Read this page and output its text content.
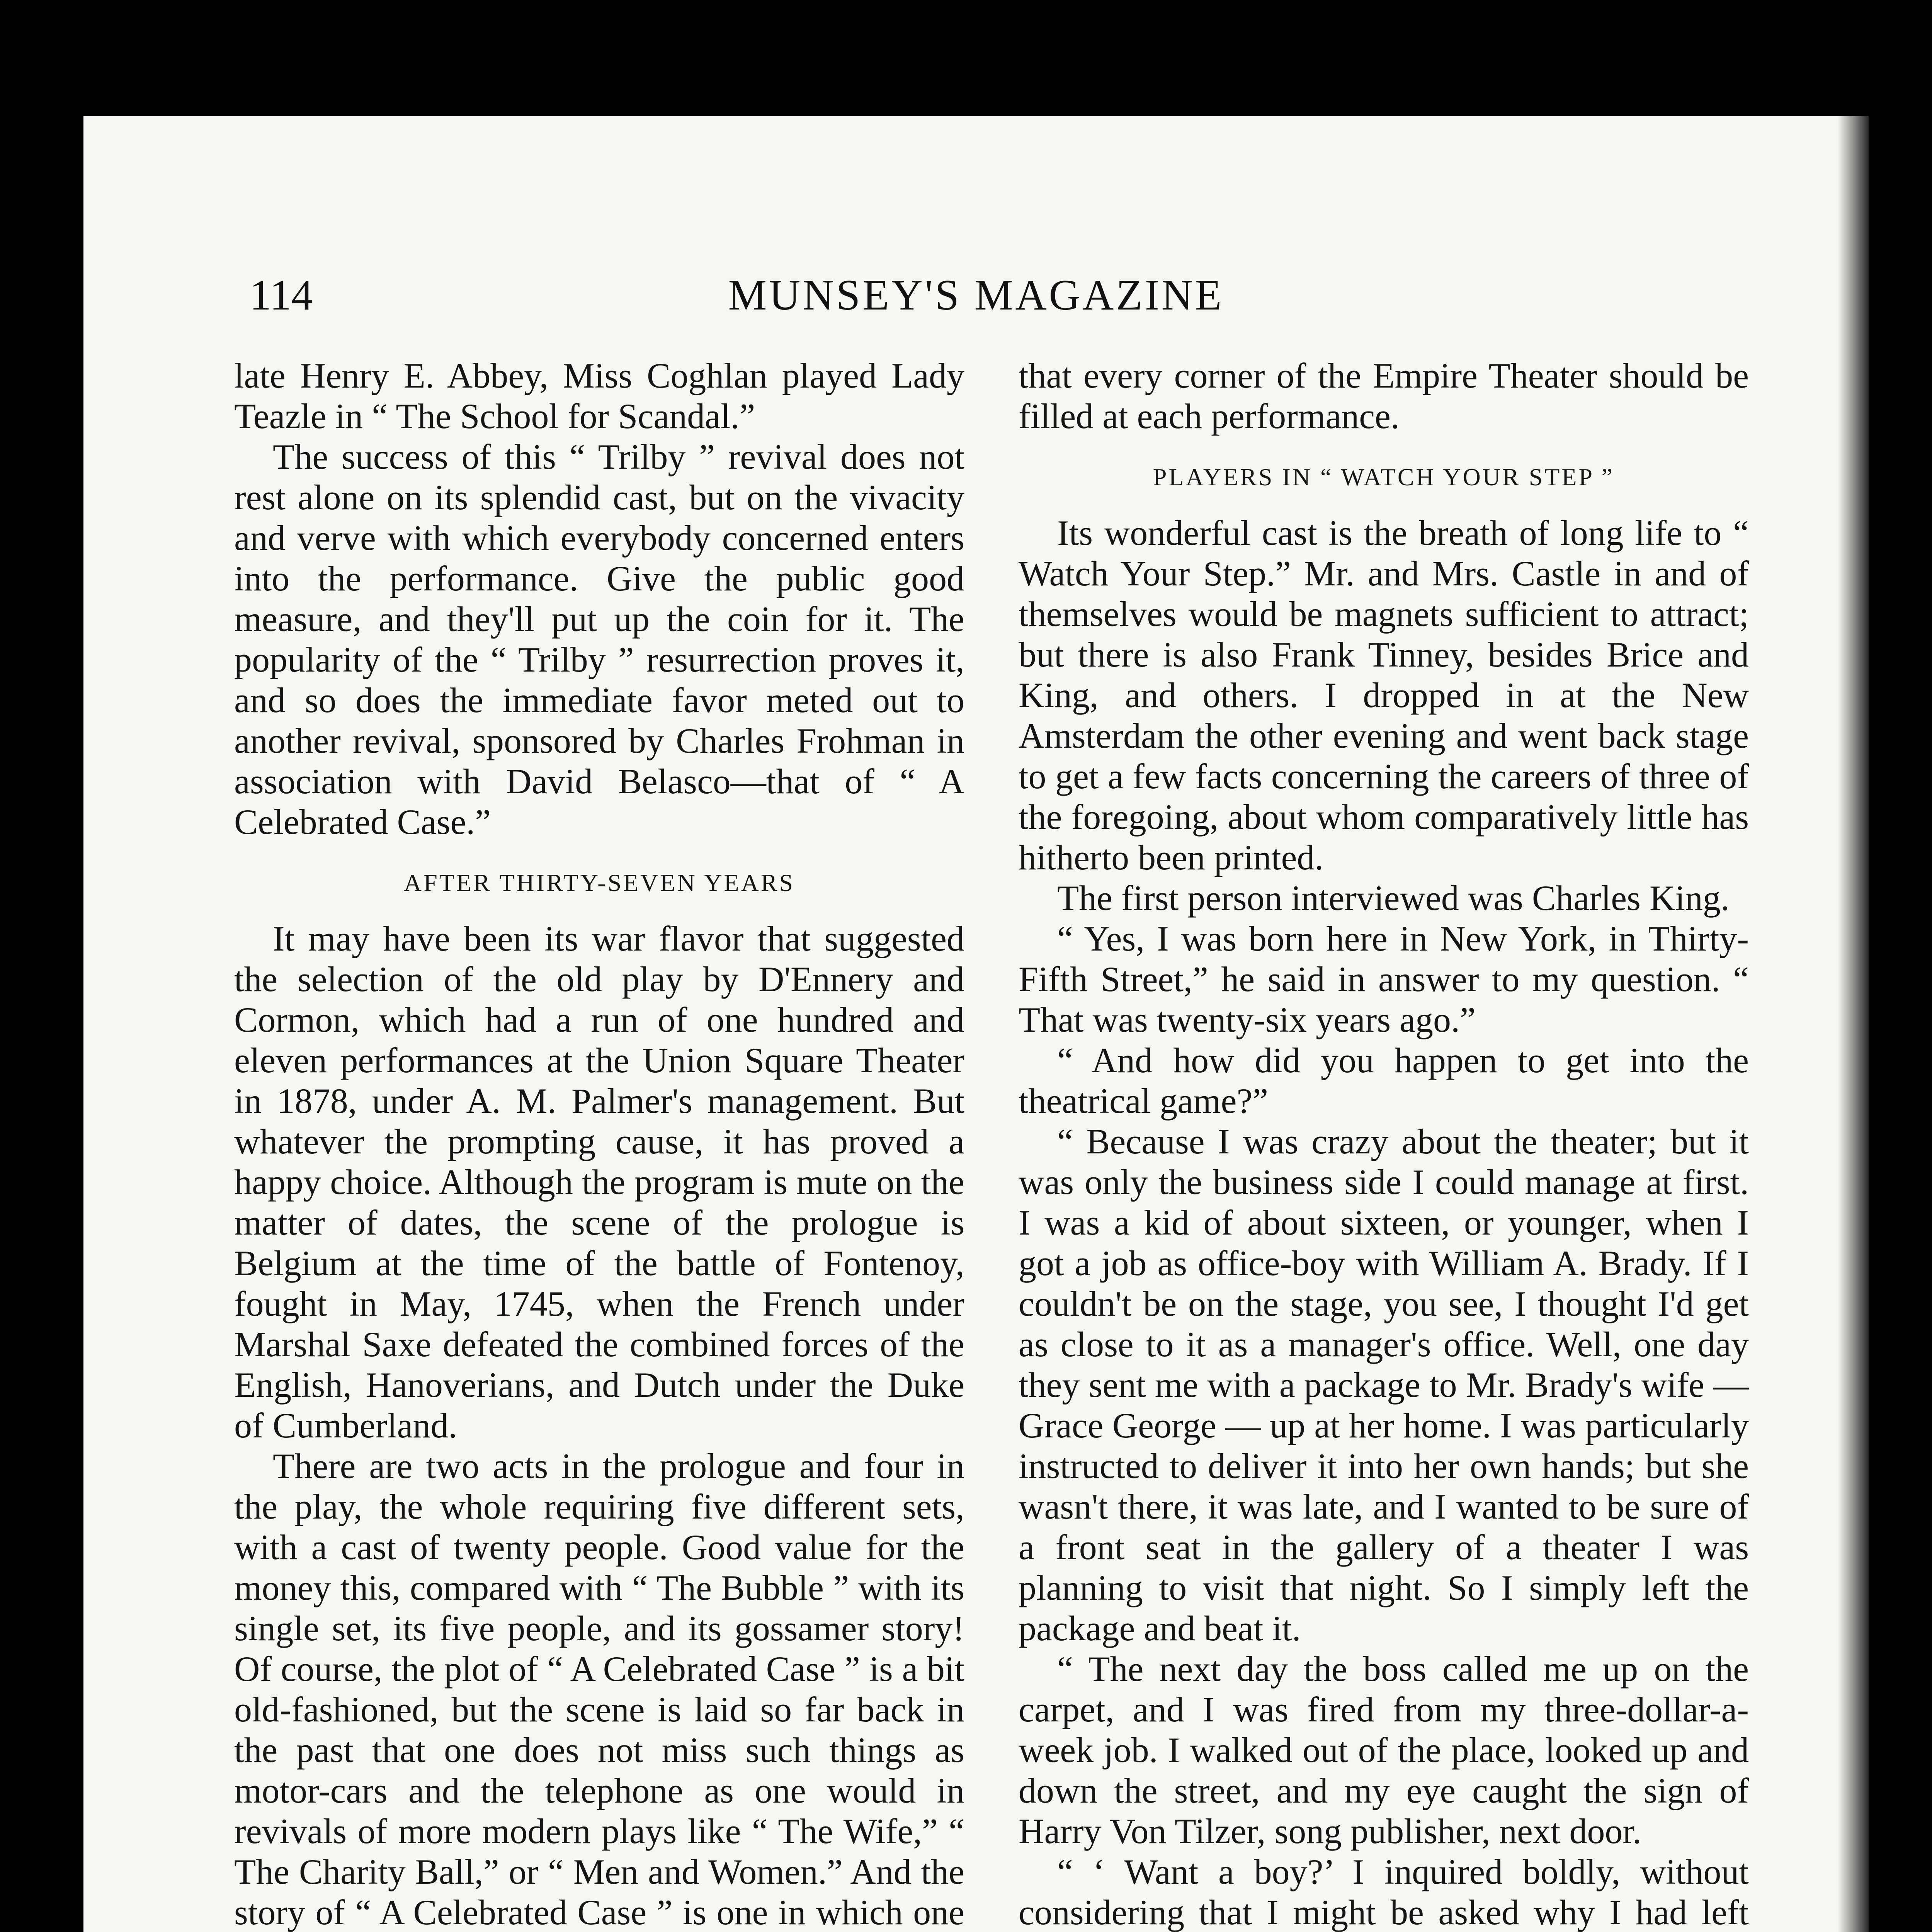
114	MUNSEY'S MAGAZINE

late Henry E. Abbey, Miss Coghlan played Lady Teazle in “ The School for Scandal.”

The success of this “ Trilby ” revival does not rest alone on its splendid cast, but on the vivacity and verve with which everybody concerned enters into the performance. Give the public good measure, and they'll put up the coin for it. The popularity of the “ Trilby ” resurrection proves it, and so does the immediate favor meted out to another revival, sponsored by Charles Frohman in association with David Belasco—that of “ A Celebrated Case.”

AFTER THIRTY-SEVEN YEARS

It may have been its war flavor that suggested the selection of the old play by D'Ennery and Cormon, which had a run of one hundred and eleven performances at the Union Square Theater in 1878, under A. M. Palmer's management. But whatever the prompting cause, it has proved a happy choice. Although the program is mute on the matter of dates, the scene of the prologue is Belgium at the time of the battle of Fontenoy, fought in May, 1745, when the French under Marshal Saxe defeated the combined forces of the English, Hanoverians, and Dutch under the Duke of Cumberland.

There are two acts in the prologue and four in the play, the whole requiring five different sets, with a cast of twenty people. Good value for the money this, compared with “ The Bubble ” with its single set, its five people, and its gossamer story! Of course, the plot of “ A Celebrated Case ” is a bit old-fashioned, but the scene is laid so far back in the past that one does not miss such things as motor-cars and the telephone as one would in revivals of more modern plays like “ The Wife,” “ The Charity Ball,” or “ Men and Women.” And the story of “ A Celebrated Case ” is one in which one

that every corner of the Empire Theater should be filled at each performance.

PLAYERS IN “ WATCH YOUR STEP ”

Its wonderful cast is the breath of long life to “ Watch Your Step.” Mr. and Mrs. Castle in and of themselves would be magnets sufficient to attract; but there is also Frank Tinney, besides Brice and King, and others. I dropped in at the New Amsterdam the other evening and went back stage to get a few facts concerning the careers of three of the foregoing, about whom comparatively little has hitherto been printed.

The first person interviewed was Charles King.

“ Yes, I was born here in New York, in Thirty-Fifth Street,” he said in answer to my question. “ That was twenty-six years ago.”

“ And how did you happen to get into the theatrical game?”

“ Because I was crazy about the theater; but it was only the business side I could manage at first. I was a kid of about sixteen, or younger, when I got a job as office-boy with William A. Brady. If I couldn't be on the stage, you see, I thought I'd get as close to it as a manager's office. Well, one day they sent me with a package to Mr. Brady's wife — Grace George — up at her home. I was particularly instructed to deliver it into her own hands; but she wasn't there, it was late, and I wanted to be sure of a front seat in the gallery of a theater I was planning to visit that night. So I simply left the package and beat it.

“ The next day the boss called me up on the carpet, and I was fired from my three-dollar-a-week job. I walked out of the place, looked up and down the street, and my eye caught the sign of Harry Von Tilzer, song publisher, next door.

“ ‘ Want a boy?’ I inquired boldly, without considering that I might be asked why I had left
